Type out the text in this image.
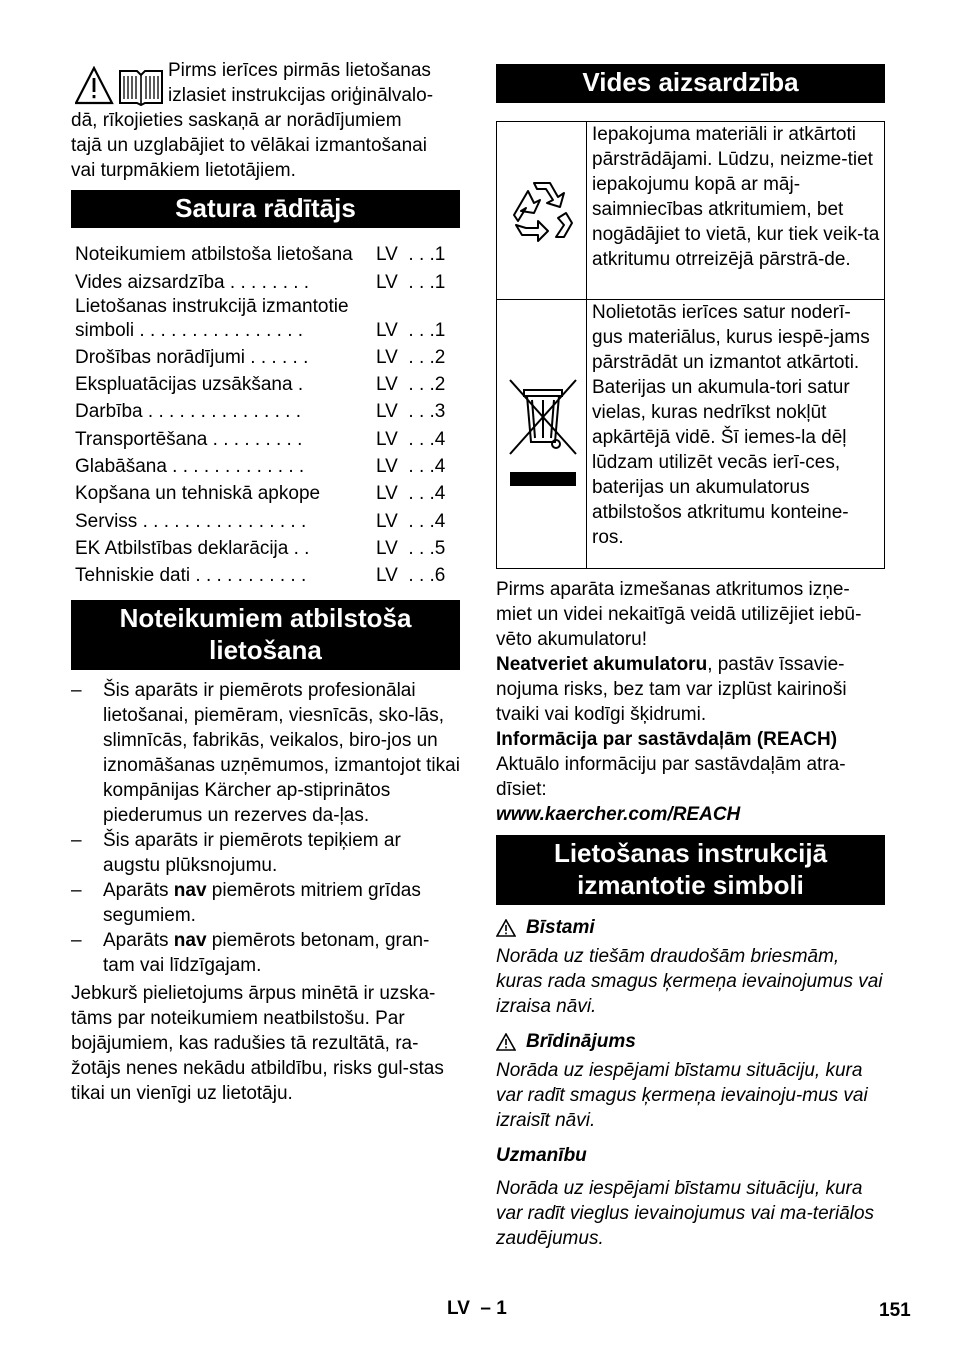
Pirms ierīces pirmās lietošanas

izlasiet instrukcijas oriģinālvalo-

dā, rīkojieties saskaņā ar norādījumiem

tajā un uzglabājiet to vēlākai izmantošanai

vai turpmākiem lietotājiem.

Satura rādītājs
Noteikumiem atbilstoša lietošana	LV  . . .1
Vides aizsardzība . . . . . . . .	LV  . . .1
Lietošanas instrukcijā izmantotie simboli . . . . . . . . . . . . . . . .	LV  . . .1
Drošības norādījumi . . . . . .	LV  . . .2
Ekspluatācijas uzsākšana .	LV  . . .2
Darbība . . . . . . . . . . . . . . .	LV  . . .3
Transportēšana . . . . . . . . .	LV  . . .4
Glabāšana . . . . . . . . . . . . .	LV  . . .4
Kopšana un tehniskā apkope	LV  . . .4
Serviss . . . . . . . . . . . . . . . .	LV  . . .4
EK Atbilstības deklarācija . .	LV  . . .5
Tehniskie dati . . . . . . . . . . .	LV  . . .6
Noteikumiem atbilstoša
lietošana
– Šis aparāts ir piemērots profesionālai lietošanai, piemēram, viesnīcās, sko-lās, slimnīcās, fabrikās, veikalos, biro-jos un iznomāšanas uzņēmumos, izmantojot tikai kompānijas Kärcher ap-stiprinātos piederumus un rezerves da-ļas.
– Šis aparāts ir piemērots tepiķiem ar augstu plūksnojumu.
– Aparāts nav piemērots mitriem grīdas segumiem.
– Aparāts nav piemērots betonam, gran-tam vai līdzīgajam.

Jebkurš pielietojums ārpus minētā ir uzska-tāms par noteikumiem neatbilstošu. Par bojājumiem, kas radušies tā rezultātā, ra-žotājs nenes nekādu atbildību, risks gul-stas tikai un vienīgi uz lietotāju.

Vides aizsardzība
Iepakojuma materiāli ir atkārtoti pārstrādājami. Lūdzu, neizme-tiet iepakojumu kopā ar māj-saimniecības atkritumiem, bet nogādājiet to vietā, kur tiek veik-ta atkritumu otrreizējā pārstrā-de.
Nolietotās ierīces satur noderī-gus materiālus, kurus iespē-jams pārstrādāt un izmantot atkārtoti. Baterijas un akumula-tori satur vielas, kuras nedrīkst nokļūt apkārtējā vidē. Šī iemes-la dēļ lūdzam utilizēt vecās ierī-ces, baterijas un akumulatorus atbilstošos atkritumu konteine-ros.

Pirms aparāta izmešanas atkritumos izņe-miet un videi nekaitīgā veidā utilizējiet iebū-vēto akumulatoru!

Neatveriet akumulatoru, pastāv īssavie-nojuma risks, bez tam var izplūst kairinoši tvaiki vai kodīgi šķidrumi.

Informācija par sastāvdaļām (REACH)

Aktuālo informāciju par sastāvdaļām atra-dīsiet:

www.kaercher.com/REACH

Lietošanas instrukcijā
izmantotie simboli
Bīstami

Norāda uz tiešām draudošām briesmām, kuras rada smagus ķermeņa ievainojumus vai izraisa nāvi.

Brīdinājums

Norāda uz iespējami bīstamu situāciju, kura var radīt smagus ķermeņa ievainoju-mus vai izraisīt nāvi.

Uzmanību

Norāda uz iespējami bīstamu situāciju, kura var radīt vieglus ievainojumus vai ma-teriālos zaudējumus.

LV  – 1	151
